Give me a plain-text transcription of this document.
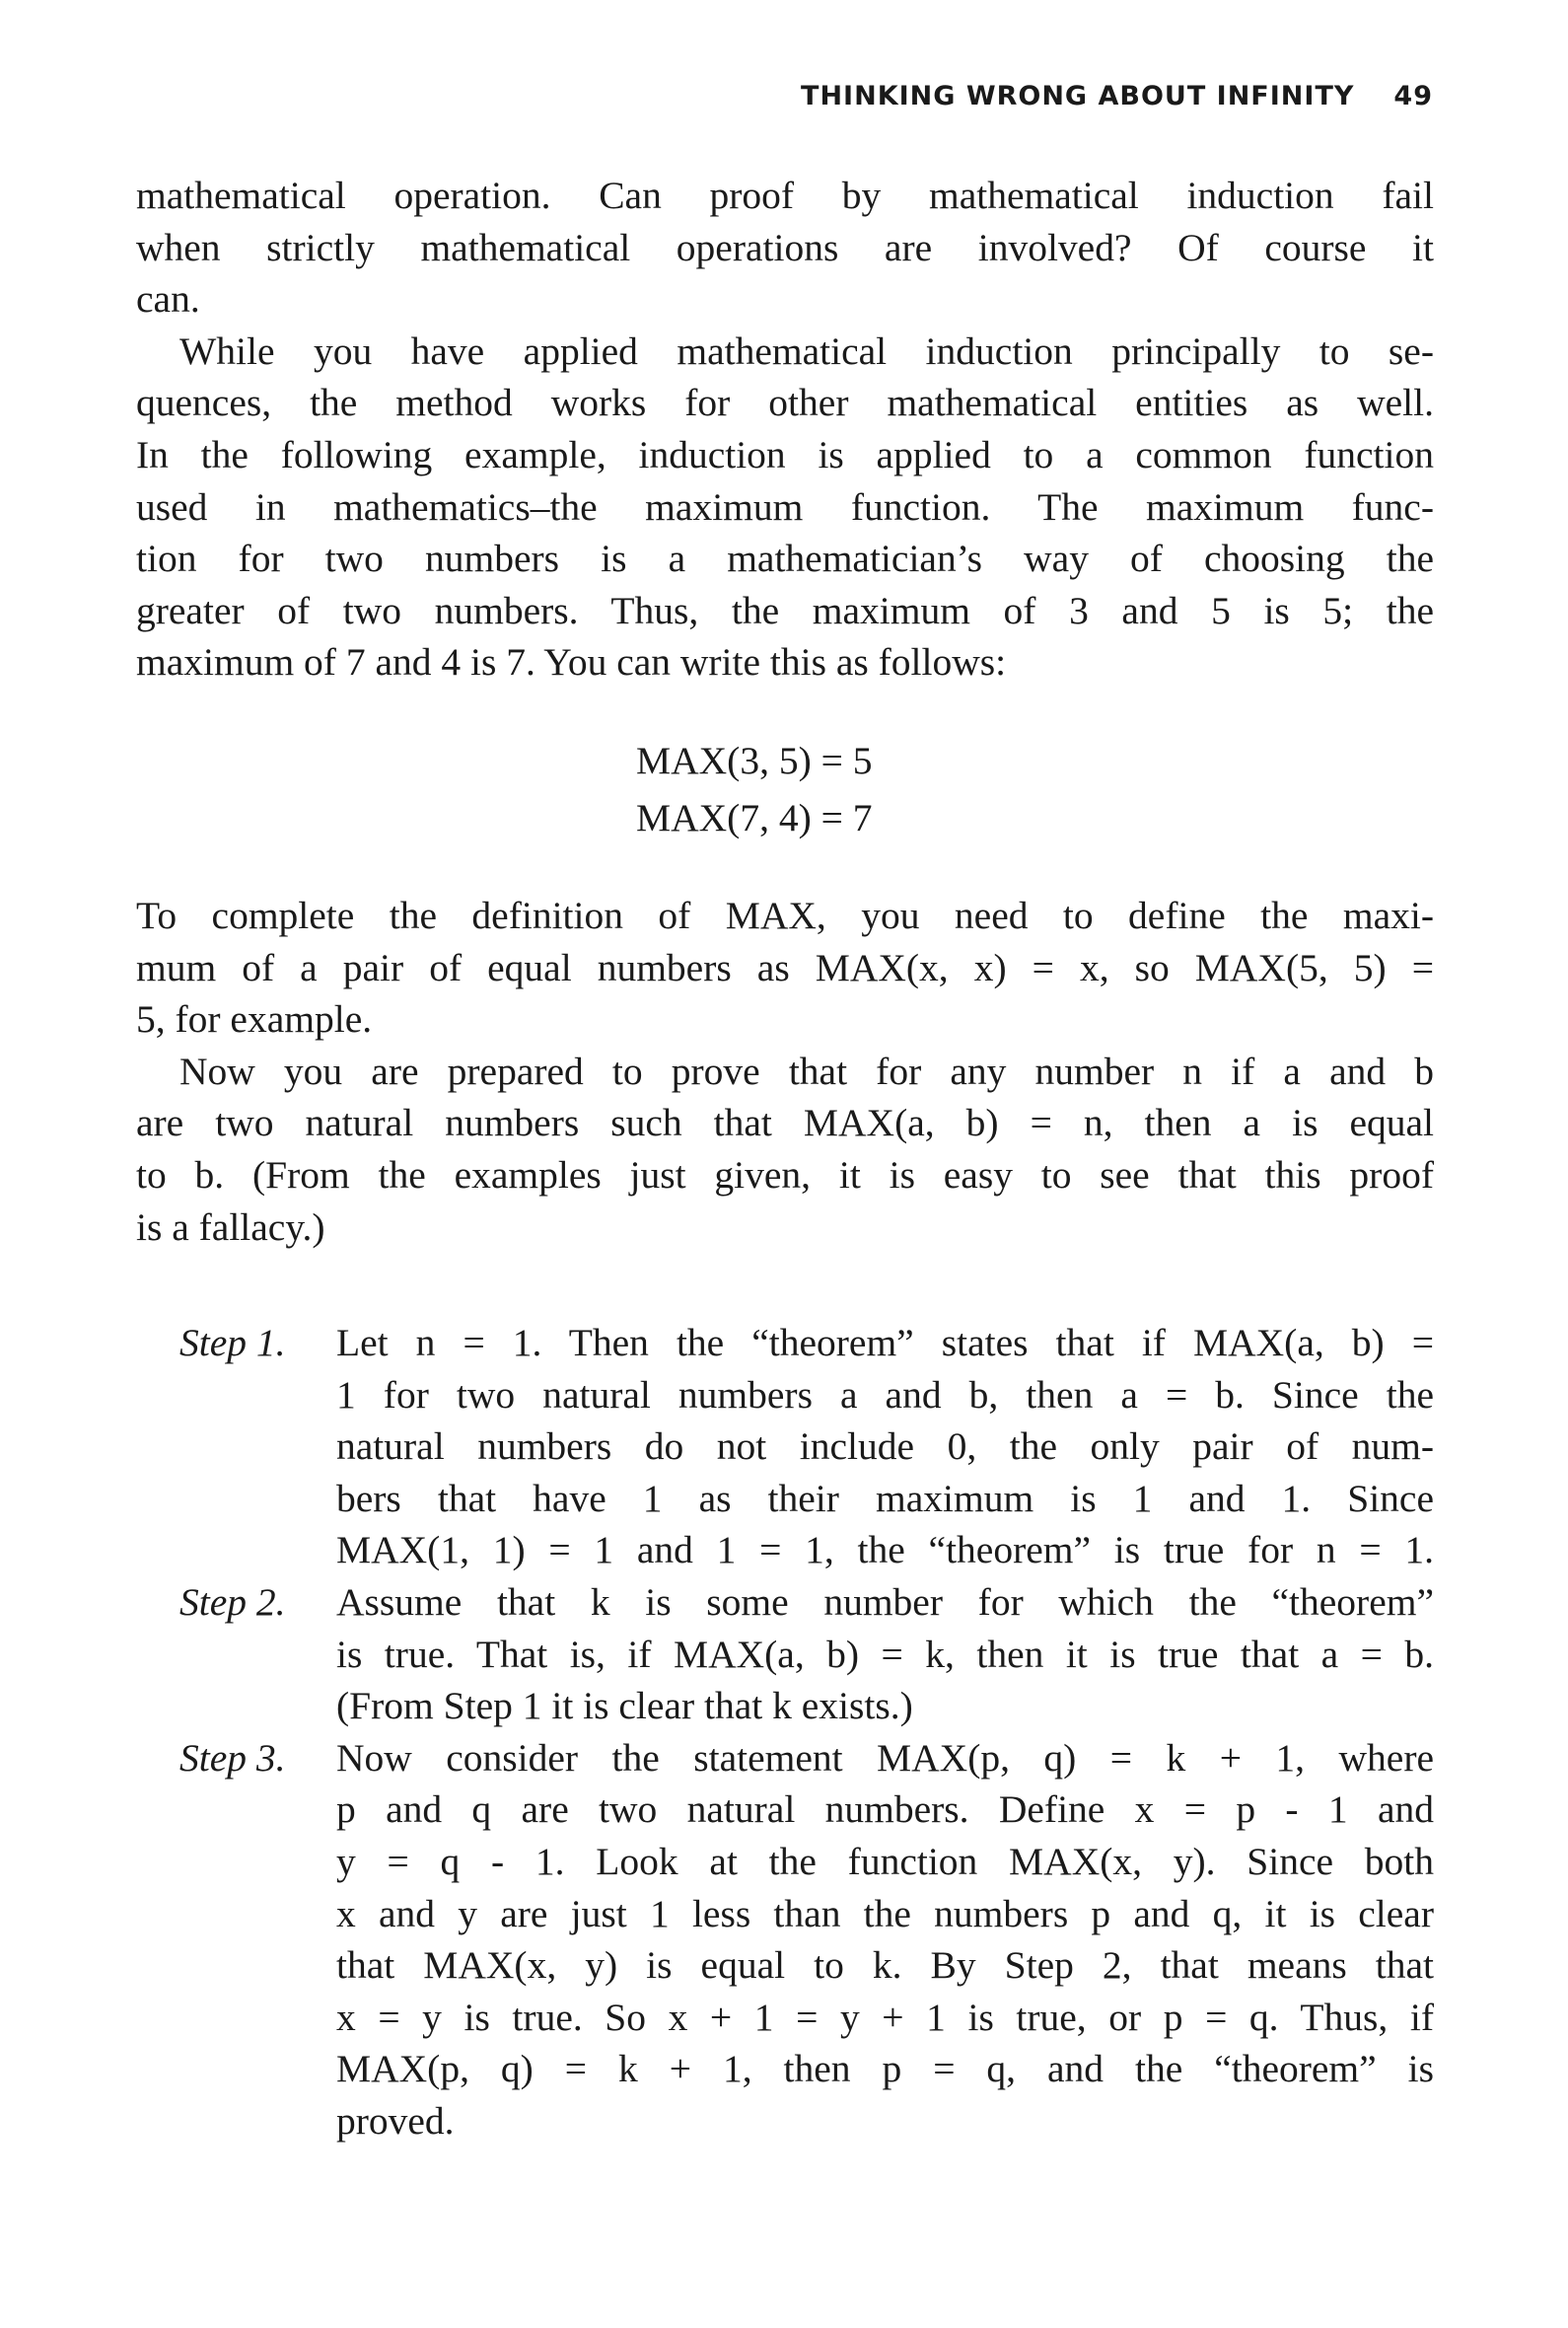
THINKING WRONG ABOUT INFINITY 49
mathematical operation. Can proof by mathematical induction fail
when strictly mathematical operations are involved? Of course it
can.
While you have applied mathematical induction principally to se-
quences, the method works for other mathematical entities as well.
In the following example, induction is applied to a common function
used in mathematics–the maximum function. The maximum func-
tion for two numbers is a mathematician’s way of choosing the
greater of two numbers. Thus, the maximum of 3 and 5 is 5; the
maximum of 7 and 4 is 7. You can write this as follows:
MAX(3, 5) = 5
MAX(7, 4) = 7
To complete the definition of MAX, you need to define the maxi-
mum of a pair of equal numbers as MAX(x, x) = x, so MAX(5, 5) =
5, for example.
Now you are prepared to prove that for any number n if a and b
are two natural numbers such that MAX(a, b) = n, then a is equal
to b. (From the examples just given, it is easy to see that this proof
is a fallacy.)
Step 1.	Let n = 1. Then the “theorem” states that if MAX(a, b) =
1 for two natural numbers a and b, then a = b. Since the
natural numbers do not include 0, the only pair of num-
bers that have 1 as their maximum is 1 and 1. Since
MAX(1, 1) = 1 and 1 = 1, the “theorem” is true for n = 1.
Step 2.	Assume that k is some number for which the “theorem”
is true. That is, if MAX(a, b) = k, then it is true that a = b.
(From Step 1 it is clear that k exists.)
Step 3.	Now consider the statement MAX(p, q) = k + 1, where
p and q are two natural numbers. Define x = p - 1 and
y = q - 1. Look at the function MAX(x, y). Since both
x and y are just 1 less than the numbers p and q, it is clear
that MAX(x, y) is equal to k. By Step 2, that means that
x = y is true. So x + 1 = y + 1 is true, or p = q. Thus, if
MAX(p, q) = k + 1, then p = q, and the “theorem” is
proved.
